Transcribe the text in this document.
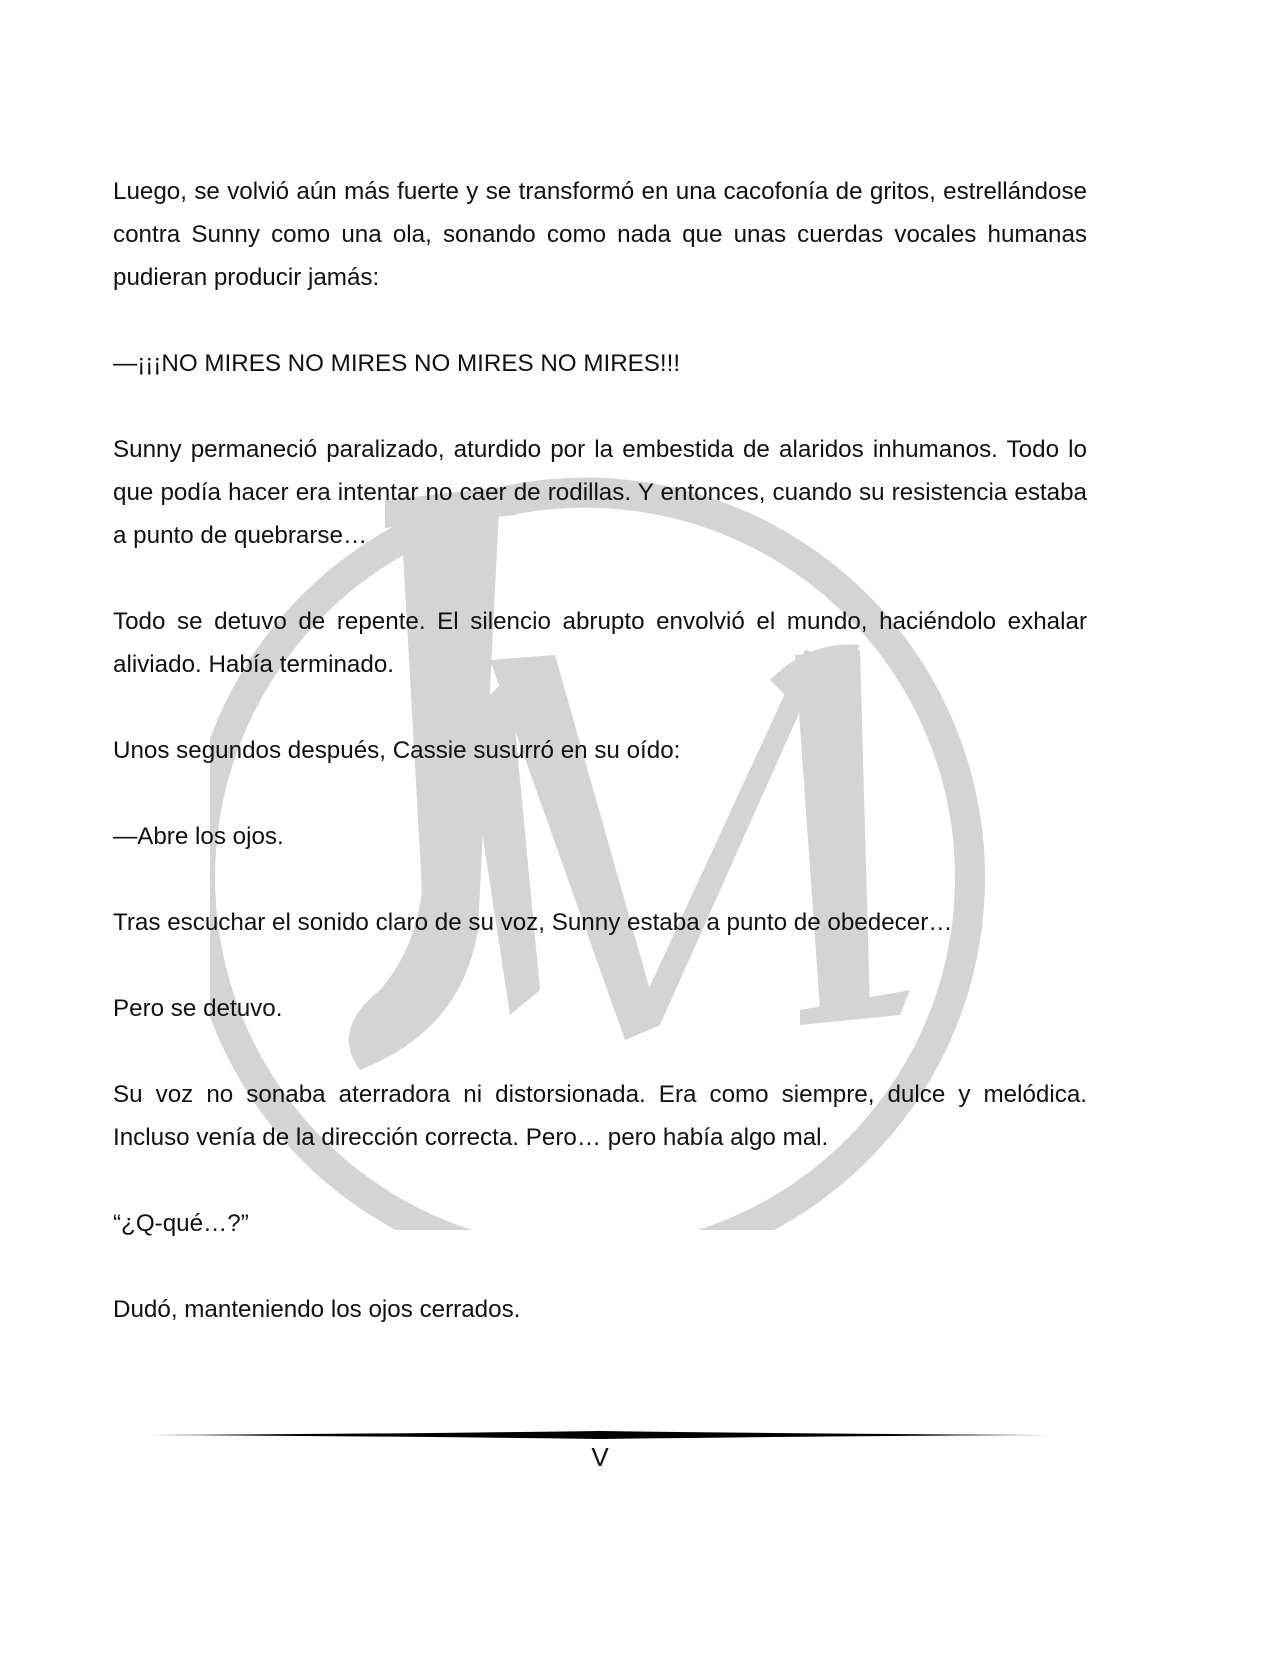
Luego, se volvió aún más fuerte y se transformó en una cacofonía de gritos, estrellándose contra Sunny como una ola, sonando como nada que unas cuerdas vocales humanas pudieran producir jamás:

—¡¡¡NO MIRES NO MIRES NO MIRES NO MIRES!!!

Sunny permaneció paralizado, aturdido por la embestida de alaridos inhumanos. Todo lo que podía hacer era intentar no caer de rodillas. Y entonces, cuando su resistencia estaba a punto de quebrarse…

Todo se detuvo de repente. El silencio abrupto envolvió el mundo, haciéndolo exhalar aliviado. Había terminado.

Unos segundos después, Cassie susurró en su oído:

—Abre los ojos.

Tras escuchar el sonido claro de su voz, Sunny estaba a punto de obedecer…

Pero se detuvo.

Su voz no sonaba aterradora ni distorsionada. Era como siempre, dulce y melódica. Incluso venía de la dirección correcta. Pero… pero había algo mal.

“¿Q-qué…?”

Dudó, manteniendo los ojos cerrados.

V
